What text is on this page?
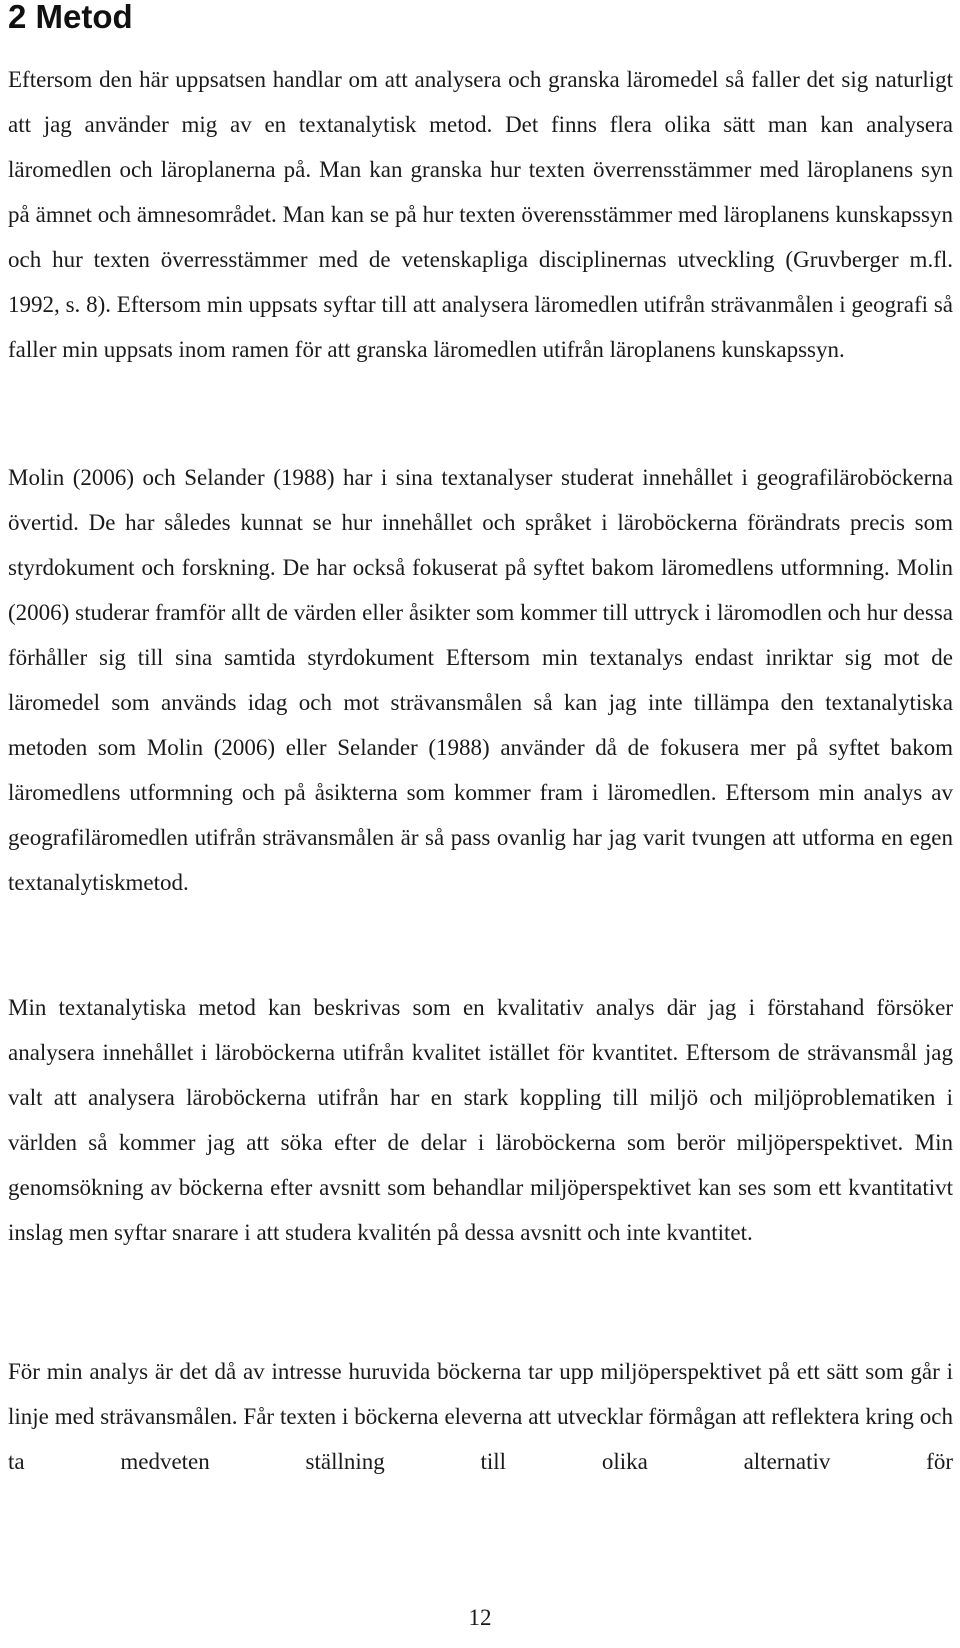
2 Metod

Eftersom den här uppsatsen handlar om att analysera och granska läromedel så faller det sig naturligt att jag använder mig av en textanalytisk metod. Det finns flera olika sätt man kan analysera läromedlen och läroplanerna på. Man kan granska hur texten överrensstämmer med läroplanens syn på ämnet och ämnesområdet. Man kan se på hur texten överensstämmer med läroplanens kunskapssyn och hur texten överresstämmer med de vetenskapliga disciplinernas utveckling (Gruvberger m.fl. 1992, s. 8). Eftersom min uppsats syftar till att analysera läromedlen utifrån strävanmålen i geografi så faller min uppsats inom ramen för att granska läromedlen utifrån läroplanens kunskapssyn.

Molin (2006) och Selander (1988) har i sina textanalyser studerat innehållet i geografiläroböckerna övertid. De har således kunnat se hur innehållet och språket i läroböckerna förändrats precis som styrdokument och forskning. De har också fokuserat på syftet bakom läromedlens utformning. Molin (2006) studerar framför allt de värden eller åsikter som kommer till uttryck i läromodlen och hur dessa förhåller sig till sina samtida styrdokument Eftersom min textanalys endast inriktar sig mot de läromedel som används idag och mot strävansmålen så kan jag inte tillämpa den textanalytiska metoden som Molin (2006) eller Selander (1988) använder då de fokusera mer på syftet bakom läromedlens utformning och på åsikterna som kommer fram i läromedlen. Eftersom min analys av geografiläromedlen utifrån strävansmålen är så pass ovanlig har jag varit tvungen att utforma en egen textanalytiskmetod.

Min textanalytiska metod kan beskrivas som en kvalitativ analys där jag i förstahand försöker analysera innehållet i läroböckerna utifrån kvalitet istället för kvantitet. Eftersom de strävansmål jag valt att analysera läroböckerna utifrån har en stark koppling till miljö och miljöproblematiken i världen så kommer jag att söka efter de delar i läroböckerna som berör miljöperspektivet. Min genomsökning av böckerna efter avsnitt som behandlar miljöperspektivet kan ses som ett kvantitativt inslag men syftar snarare i att studera kvalitén på dessa avsnitt och inte kvantitet.

För min analys är det då av intresse huruvida böckerna tar upp miljöperspektivet på ett sätt som går i linje med strävansmålen. Får texten i böckerna eleverna att utvecklar förmågan att reflektera kring och ta medveten ställning till olika alternativ för

12
